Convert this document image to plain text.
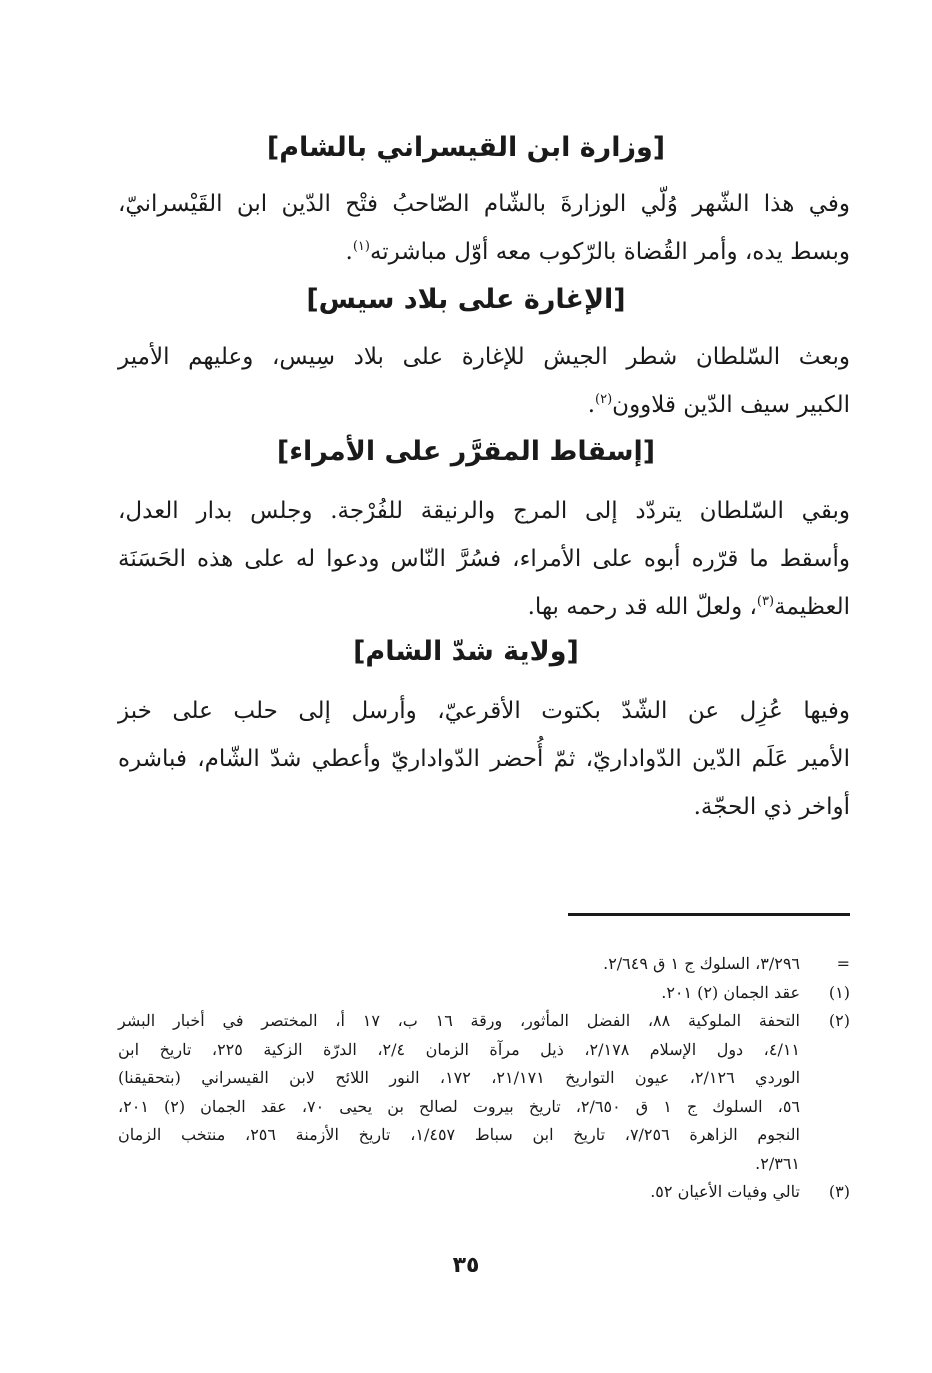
[وزارة ابن القيسراني بالشام]
وفي هذا الشّهر وُلّي الوزارةَ بالشّام الصّاحبُ فتْح الدّين ابن القَيْسرانيّ،
وبسط يده، وأمر القُضاة بالرّكوب معه أوّل مباشرته$^{(١)}$.
[الإغارة على بلاد سيس]
وبعث السّلطان شطر الجيش للإغارة على بلاد سِيس، وعليهم الأمير
الكبير سيف الدّين قلاوون$^{(٢)}$.
[إسقاط المقرَّر على الأمراء]
وبقي السّلطان يتردّد إلى المرج والرنيقة للفُرْجة. وجلس بدار العدل،
وأسقط ما قرّره أبوه على الأمراء، فسُرَّ النّاس ودعوا له على هذه الحَسَنَة
العظيمة$^{(٣)}$، ولعلّ الله قد رحمه بها.
[ولاية شدّ الشام]
وفيها عُزِل عن الشّدّ بكتوت الأقرعيّ، وأرسل إلى حلب على خبز
الأمير عَلَم الدّين الدّواداريّ، ثمّ أُحضر الدّواداريّ وأعطي شدّ الشّام، فباشره
أواخر ذي الحجّة.
=
٣/٢٩٦، السلوك ج ١ ق ٢/٦٤٩.
(١)
عقد الجمان (٢) ٢٠١.
(٢)
التحفة الملوكية ٨٨، الفضل المأثور، ورقة ١٦ ب، ١٧ أ، المختصر في أخبار البشر
٤/١١، دول الإسلام ٢/١٧٨، ذيل مرآة الزمان ٢/٤، الدرّة الزكية ٢٢٥، تاريخ ابن
الوردي ٢/١٢٦، عيون التواريخ ٢١/١٧١، ١٧٢، النور اللائح لابن القيسراني (بتحقيقنا)
٥٦، السلوك ج ١ ق ٢/٦٥٠، تاريخ بيروت لصالح بن يحيى ٧٠، عقد الجمان (٢) ٢٠١،
النجوم الزاهرة ٧/٢٥٦، تاريخ ابن سباط ١/٤٥٧، تاريخ الأزمنة ٢٥٦، منتخب الزمان
٢/٣٦١.
(٣)
تالي وفيات الأعيان ٥٢.
٣٥
